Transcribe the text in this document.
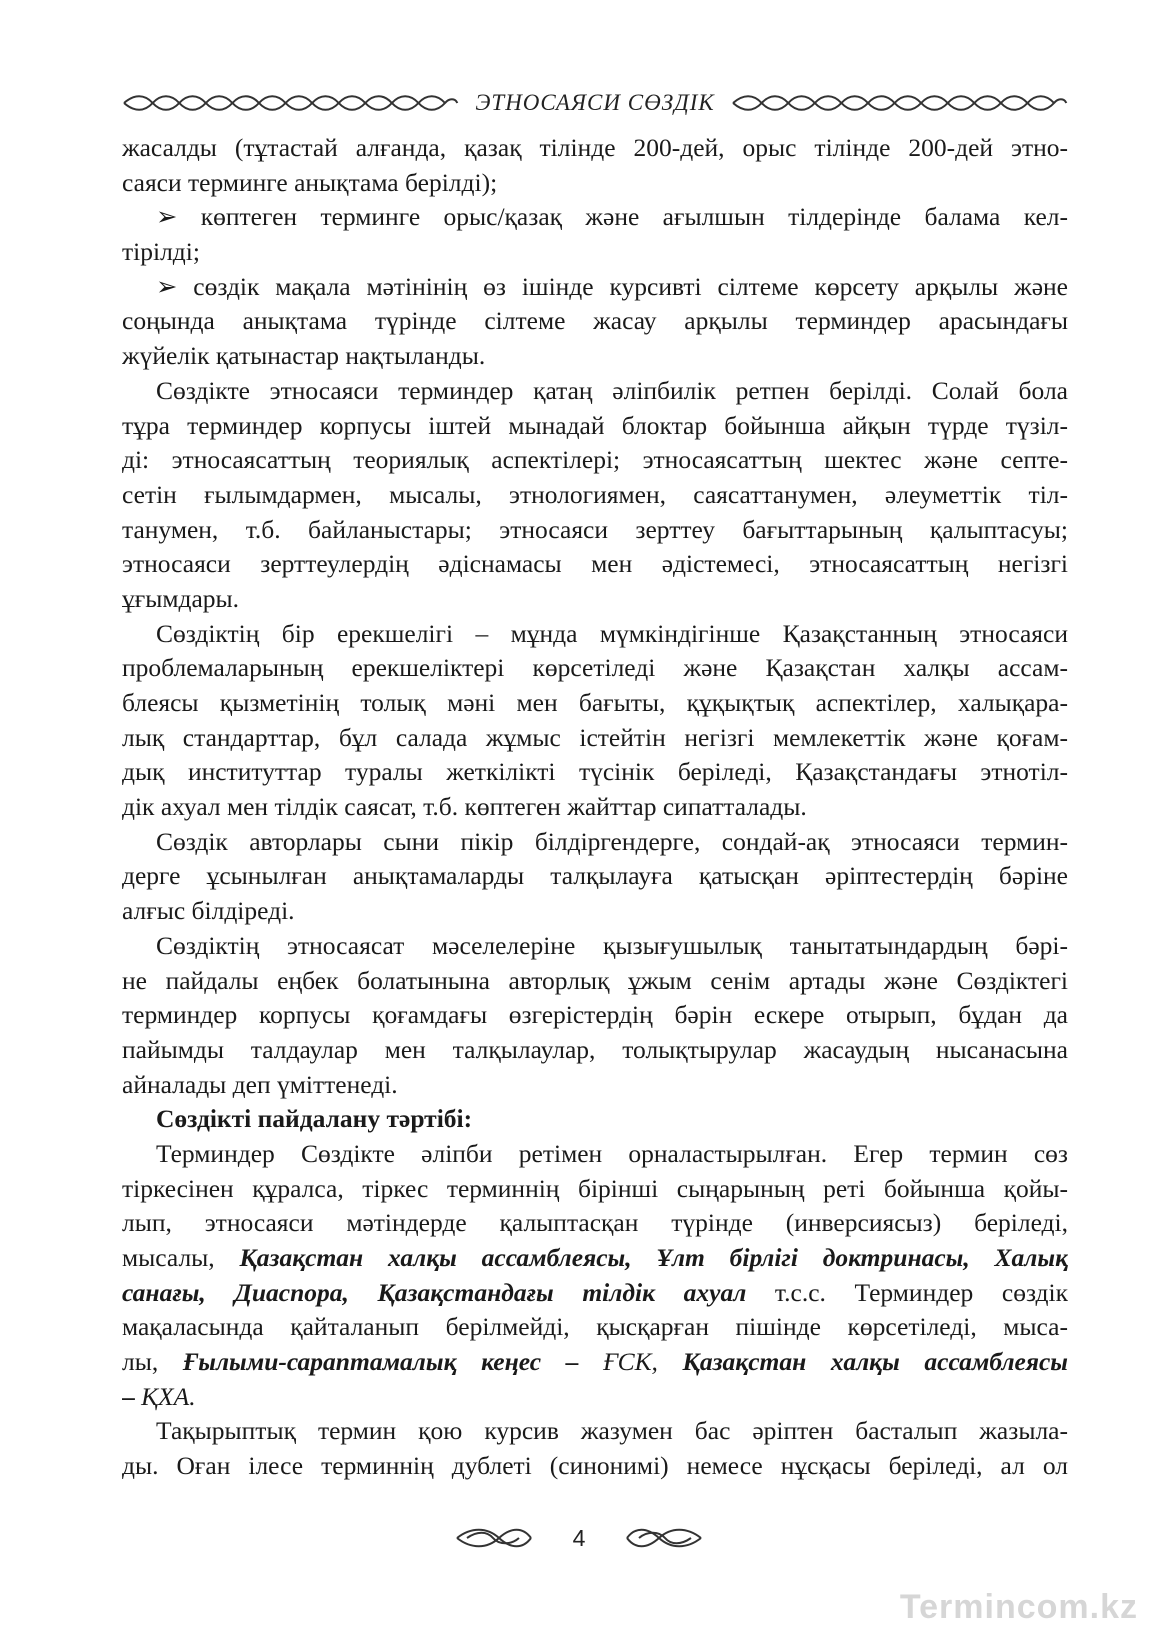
ЭТНОСАЯСИ СӨЗДІК
жасалды (тұтастай алғанда, қазақ тілінде 200-дей, орыс тілінде 200-дей этно-
саяси терминге анықтама берілді);
➢ көптеген терминге орыс/қазақ және ағылшын тілдерінде балама кел-
тірілді;
➢ сөздік мақала мәтінінің өз ішінде курсивті сілтеме көрсету арқылы және
соңында анықтама түрінде сілтеме жасау арқылы терминдер арасындағы
жүйелік қатынастар нақтыланды.
Сөздікте этносаяси терминдер қатаң әліпбилік ретпен берілді. Солай бола
тұра терминдер корпусы іштей мынадай блоктар бойынша айқын түрде түзіл-
ді: этносаясаттың теориялық аспектілері; этносаясаттың шектес және септе-
сетін ғылымдармен, мысалы, этнологиямен, саясаттанумен, әлеуметтік тіл-
танумен, т.б. байланыстары; этносаяси зерттеу бағыттарының қалыптасуы;
этносаяси зерттеулердің әдіснамасы мен әдістемесі, этносаясаттың негізгі
ұғымдары.
Сөздіктің бір ерекшелігі – мұнда мүмкіндігінше Қазақстанның этносаяси
проблемаларының ерекшеліктері көрсетіледі және Қазақстан халқы ассам-
блеясы қызметінің толық мәні мен бағыты, құқықтық аспектілер, халықара-
лық стандарттар, бұл салада жұмыс істейтін негізгі мемлекеттік және қоғам-
дық институттар туралы жеткілікті түсінік беріледі, Қазақстандағы этнотіл-
дік ахуал мен тілдік саясат, т.б. көптеген жайттар сипатталады.
Сөздік авторлары сыни пікір білдіргендерге, сондай-ақ этносаяси термин-
дерге ұсынылған анықтамаларды талқылауға қатысқан әріптестердің бәріне
алғыс білдіреді.
Сөздіктің этносаясат мәселелеріне қызығушылық танытатындардың бәрі-
не пайдалы еңбек болатынына авторлық ұжым сенім артады және Сөздіктегі
терминдер корпусы қоғамдағы өзгерістердің бәрін ескере отырып, бұдан да
пайымды талдаулар мен талқылаулар, толықтырулар жасаудың нысанасына
айналады деп үміттенеді.
Сөздікті пайдалану тәртібі:
Терминдер Сөздікте әліпби ретімен орналастырылған. Егер термин сөз
тіркесінен құралса, тіркес терминнің бірінші сыңарының реті бойынша қойы-
лып, этносаяси мәтіндерде қалыптасқан түрінде (инверсиясыз) беріледі,
мысалы, Қазақстан халқы ассамблеясы, Ұлт бірлігі доктринасы, Халық
санағы, Диаспора, Қазақстандағы тілдік ахуал т.с.с. Терминдер сөздік
мақаласында қайталанып берілмейді, қысқарған пішінде көрсетіледі, мыса-
лы, Ғылыми-сараптамалық кеңес – ҒСК, Қазақстан халқы ассамблеясы
– ҚХА.
Тақырыптық термин қою курсив жазумен бас әріптен басталып жазыла-
ды. Оған ілесе терминнің дублеті (синонимі) немесе нұсқасы беріледі, ал ол
4
Termincom.kz
